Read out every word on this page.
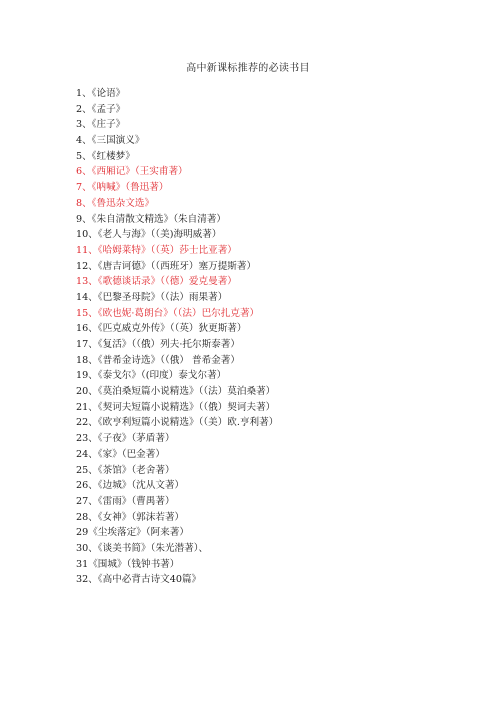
高中新课标推荐的必读书目
1、《论语》
2、《孟子》
3、《庄子》
4、《三国演义》
5、《红楼梦》
6、《西厢记》（王实甫著）
7、《呐喊》（鲁迅著）
8、《鲁迅杂文选》
9、《朱自清散文精选》（朱自清著）
10、《老人与海》（（美)海明威著）
11、《哈姆莱特》（（英）莎士比亚著）
12、《唐吉诃德》（（西班牙）塞万提斯著）
13、《歌德谈话录》（（德）爱克曼著）
14、《巴黎圣母院》（（法）雨果著）
15、《欧也妮·葛朗台》（（法）巴尔扎克著）
16、《匹克威克外传》（（英）狄更斯著）
17、《复活》（（俄）列夫·托尔斯泰著）
18、《普希金诗选》（（俄） 普希金著）
19、《泰戈尔》（(印度）泰戈尔著）
20、《莫泊桑短篇小说精选》（（法）莫泊桑著）
21、《契诃夫短篇小说精选》（（俄）契诃夫著）
22、《欧亨利短篇小说精选》（（美）欧.亨利著）
23、《子夜》（茅盾著）
24、《家》（巴金著）
25、《茶馆》（老舍著）
26、《边城》（沈从文著）
27、《雷雨》（曹禺著）
28、《女神》（郭沫若著）
29《尘埃落定》（阿来著）
30、《谈美书简》（朱光潜著）、
31《围城》（钱钟书著）
32、《高中必背古诗文40篇》
